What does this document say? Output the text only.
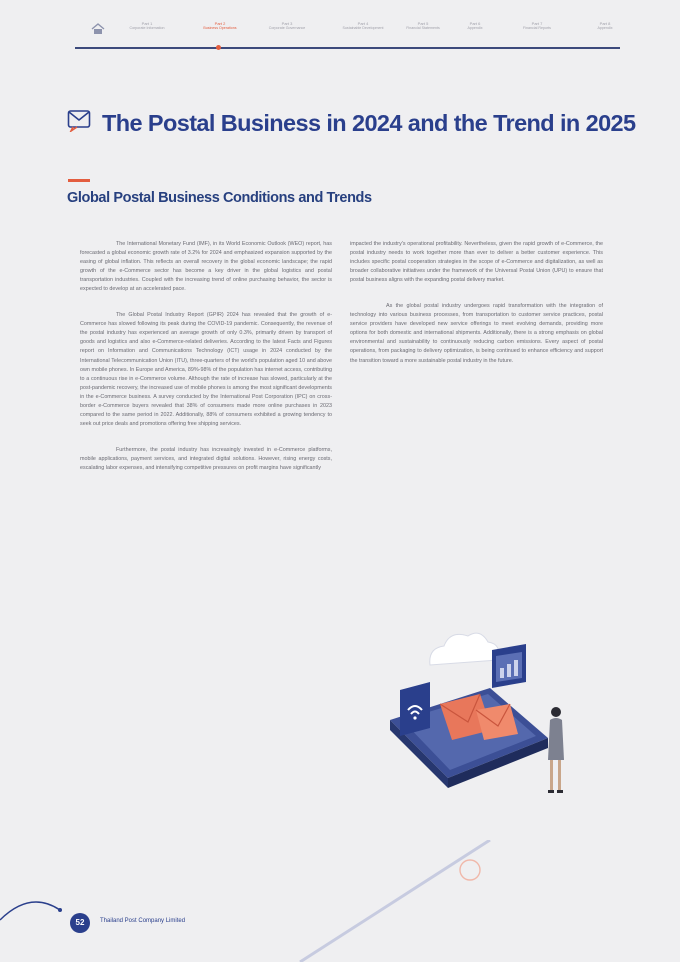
Part 1
Corporate Information
Part 2
Business Operations
Part 3
Corporate Governance
Part 4
Sustainable Development
Part 5
Financial Statements
Part 6
Appendix
Part 7
Financial Reports
Part 8
Appendix
The Postal Business in 2024 and the Trend in 2025
Global Postal Business Conditions and Trends

The International Monetary Fund (IMF), in its World Economic Outlook (WEO) report, has forecasted a global economic growth rate of 3.2% for 2024 and emphasized expansion supported by the easing of global inflation. This reflects an overall recovery in the global economic landscape; the rapid growth of the e-Commerce sector has become a key driver in the global logistics and postal transportation industries. Coupled with the increasing trend of online purchasing behavior, the sector is expected to develop at an accelerated pace.

The Global Postal Industry Report (GPIR) 2024 has revealed that the growth of e-Commerce has slowed following its peak during the COVID-19 pandemic. Consequently, the revenue of the postal industry has experienced an average growth of only 0.3%, primarily driven by transport of goods and logistics and also e-Commerce-related deliveries. According to the latest Facts and Figures report on Information and Communications Technology (ICT) usage in 2024 conducted by the International Telecommunication Union (ITU), three-quarters of the world's population aged 10 and above own mobile phones. In Europe and America, 89%-98% of the population has internet access, contributing to a continuous rise in e-Commerce volume. Although the rate of increase has slowed, particularly at the post-pandemic recovery, the increased use of mobile phones is among the most significant developments in the e-Commerce business. A survey conducted by the International Post Corporation (IPC) on cross-border e-Commerce buyers revealed that 38% of consumers made more online purchases in 2023 compared to the same period in 2022. Additionally, 88% of consumers exhibited a growing tendency to seek out price deals and promotions offering free shipping services.

Furthermore, the postal industry has increasingly invested in e-Commerce platforms, mobile applications, payment services, and integrated digital solutions. However, rising energy costs, escalating labor expenses, and intensifying competitive pressures on profit margins have significantly

impacted the industry's operational profitability. Nevertheless, given the rapid growth of e-Commerce, the postal industry needs to work together more than ever to deliver a better customer experience. This includes specific postal cooperation strategies in the scope of e-Commerce and digitalization, as well as broader collaborative initiatives under the framework of the Universal Postal Union (UPU) to ensure that postal business aligns with the expanding postal delivery market.

As the global postal industry undergoes rapid transformation with the integration of technology into various business processes, from transportation to customer service practices, postal service providers have developed new service offerings to meet evolving demands, providing more options for both domestic and international shipments. Additionally, there is a strong emphasis on global environmental and sustainability to continuously reducing carbon emissions. Every aspect of postal operations, from packaging to delivery optimization, is being continued to enhance efficiency and support the transition toward a more sustainable postal industry in the future.

52	Thailand Post Company Limited
